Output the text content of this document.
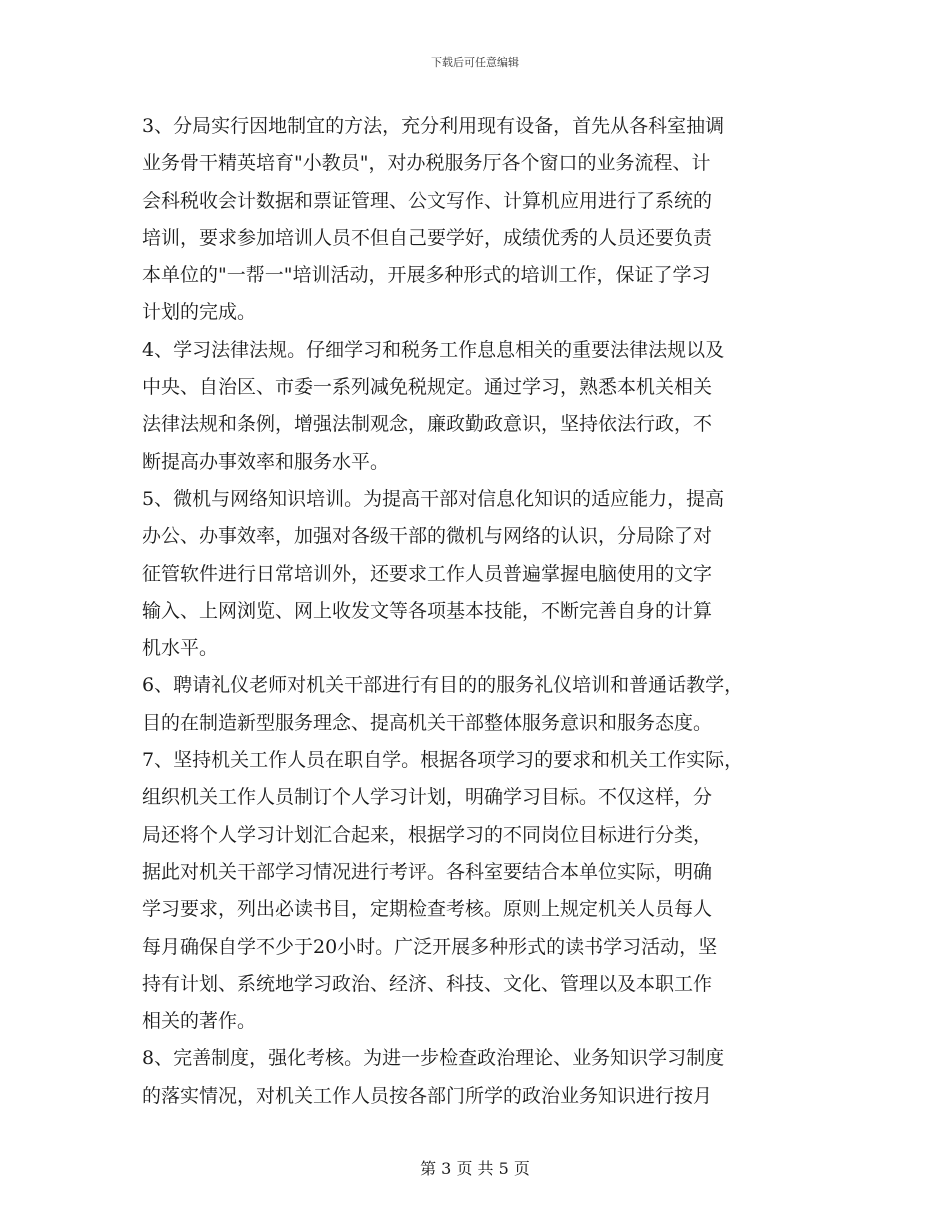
下载后可任意编辑
3、分局实行因地制宜的方法，充分利用现有设备，首先从各科室抽调
业务骨干精英培育"小教员"，对办税服务厅各个窗口的业务流程、计
会科税收会计数据和票证管理、公文写作、计算机应用进行了系统的
培训，要求参加培训人员不但自己要学好，成绩优秀的人员还要负责
本单位的"一帮一"培训活动，开展多种形式的培训工作，保证了学习
计划的完成。
4、学习法律法规。仔细学习和税务工作息息相关的重要法律法规以及
中央、自治区、市委一系列减免税规定。通过学习，熟悉本机关相关
法律法规和条例，增强法制观念，廉政勤政意识，坚持依法行政，不
断提高办事效率和服务水平。
5、微机与网络知识培训。为提高干部对信息化知识的适应能力，提高
办公、办事效率，加强对各级干部的微机与网络的认识，分局除了对
征管软件进行日常培训外，还要求工作人员普遍掌握电脑使用的文字
输入、上网浏览、网上收发文等各项基本技能，不断完善自身的计算
机水平。
6、聘请礼仪老师对机关干部进行有目的的服务礼仪培训和普通话教学，
目的在制造新型服务理念、提高机关干部整体服务意识和服务态度。
7、坚持机关工作人员在职自学。根据各项学习的要求和机关工作实际，
组织机关工作人员制订个人学习计划，明确学习目标。不仅这样，分
局还将个人学习计划汇合起来，根据学习的不同岗位目标进行分类，
据此对机关干部学习情况进行考评。各科室要结合本单位实际，明确
学习要求，列出必读书目，定期检查考核。原则上规定机关人员每人
每月确保自学不少于20小时。广泛开展多种形式的读书学习活动，坚
持有计划、系统地学习政治、经济、科技、文化、管理以及本职工作
相关的著作。
8、完善制度，强化考核。为进一步检查政治理论、业务知识学习制度
的落实情况，对机关工作人员按各部门所学的政治业务知识进行按月
第 3 页 共 5 页
